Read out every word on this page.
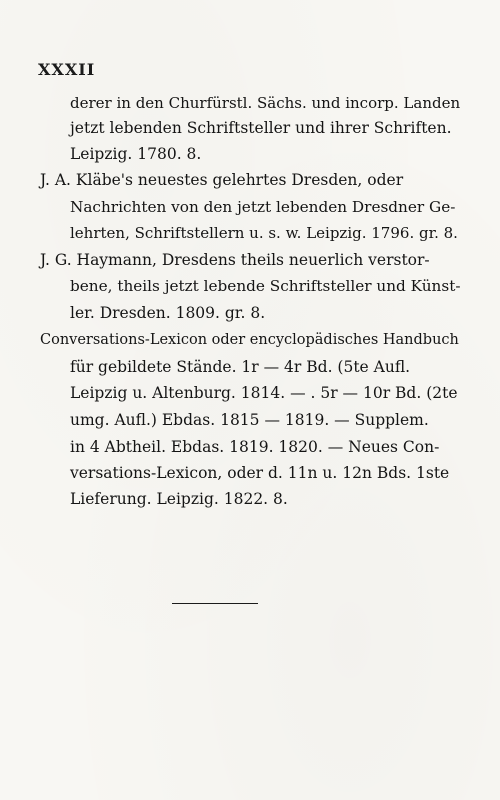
XXXII
derer in den Churfürstl. Sächs. und incorp. Landen
jetzt lebenden Schriftsteller und ihrer Schriften.
Leipzig. 1780. 8.
J. A. Kläbe's neuestes gelehrtes Dresden, oder
Nachrichten von den jetzt lebenden Dresdner Ge-
lehrten, Schriftstellern u. s. w. Leipzig. 1796. gr. 8.
J. G. Haymann, Dresdens theils neuerlich verstor-
bene, theils jetzt lebende Schriftsteller und Künst-
ler. Dresden. 1809. gr. 8.
Conversations-Lexicon oder encyclopädisches Handbuch
für gebildete Stände. 1r — 4r Bd. (5te Aufl.
Leipzig u. Altenburg. 1814. — . 5r — 10r Bd. (2te
umg. Aufl.) Ebdas. 1815 — 1819. — Supplem.
in 4 Abtheil. Ebdas. 1819. 1820. — Neues Con-
versations-Lexicon, oder d. 11n u. 12n Bds. 1ste
Lieferung. Leipzig. 1822. 8.
